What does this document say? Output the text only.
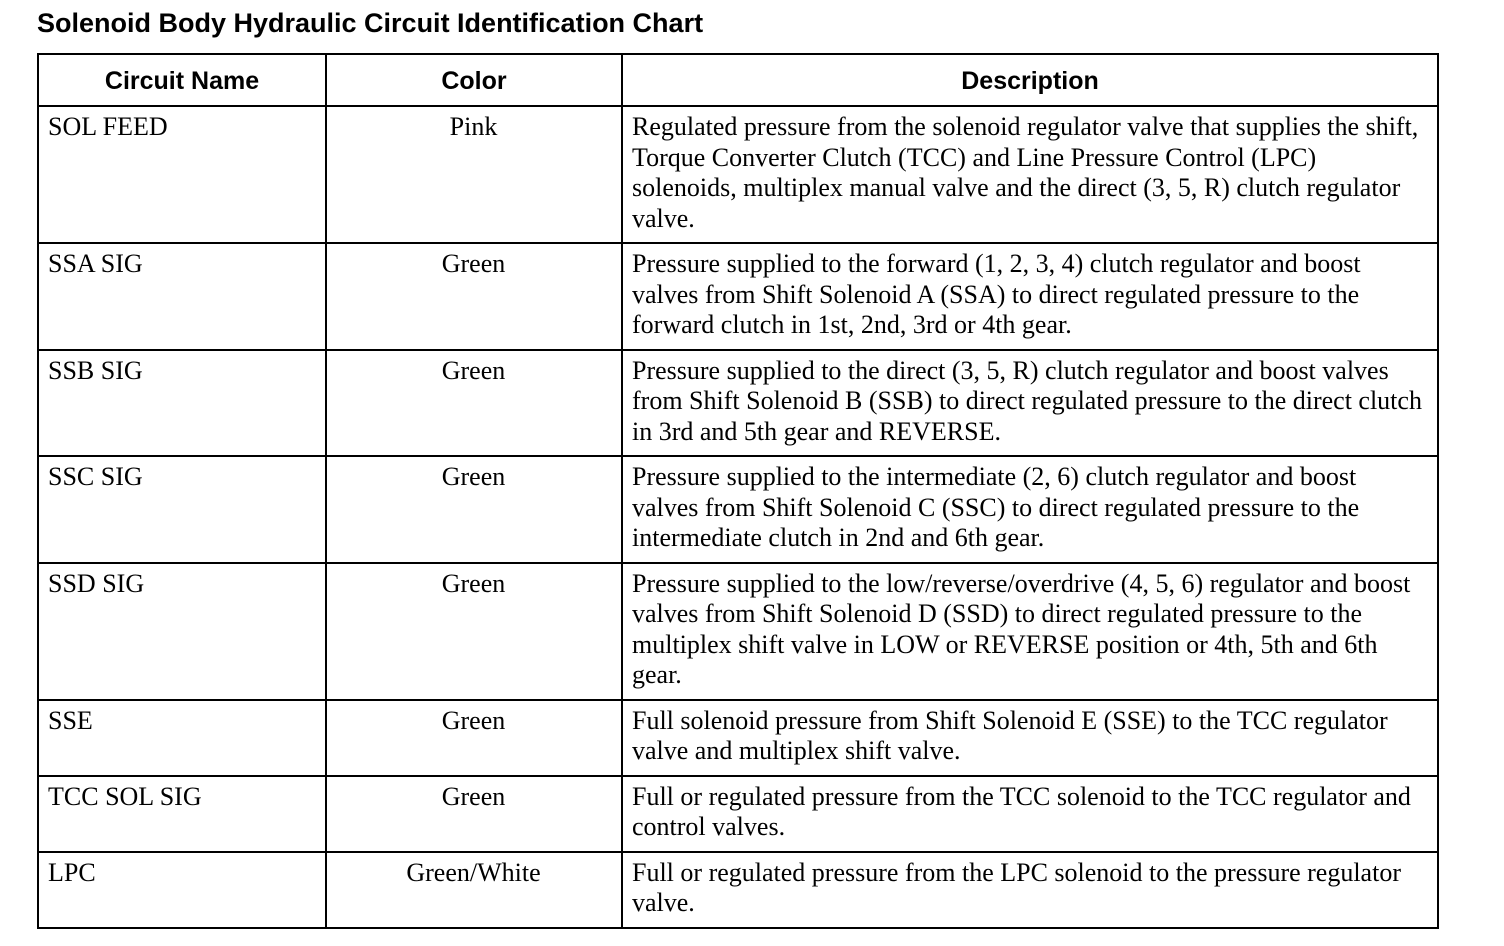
Solenoid Body Hydraulic Circuit Identification Chart
Circuit Name	Color	Description
SOL FEED	Pink	Regulated pressure from the solenoid regulator valve that supplies the shift, Torque Converter Clutch (TCC) and Line Pressure Control (LPC) solenoids, multiplex manual valve and the direct (3, 5, R) clutch regulator valve.
SSA SIG	Green	Pressure supplied to the forward (1, 2, 3, 4) clutch regulator and boost valves from Shift Solenoid A (SSA) to direct regulated pressure to the forward clutch in 1st, 2nd, 3rd or 4th gear.
SSB SIG	Green	Pressure supplied to the direct (3, 5, R) clutch regulator and boost valves from Shift Solenoid B (SSB) to direct regulated pressure to the direct clutch in 3rd and 5th gear and REVERSE.
SSC SIG	Green	Pressure supplied to the intermediate (2, 6) clutch regulator and boost valves from Shift Solenoid C (SSC) to direct regulated pressure to the intermediate clutch in 2nd and 6th gear.
SSD SIG	Green	Pressure supplied to the low/reverse/overdrive (4, 5, 6) regulator and boost valves from Shift Solenoid D (SSD) to direct regulated pressure to the multiplex shift valve in LOW or REVERSE position or 4th, 5th and 6th gear.
SSE	Green	Full solenoid pressure from Shift Solenoid E (SSE) to the TCC regulator valve and multiplex shift valve.
TCC SOL SIG	Green	Full or regulated pressure from the TCC solenoid to the TCC regulator and control valves.
LPC	Green/White	Full or regulated pressure from the LPC solenoid to the pressure regulator valve.
